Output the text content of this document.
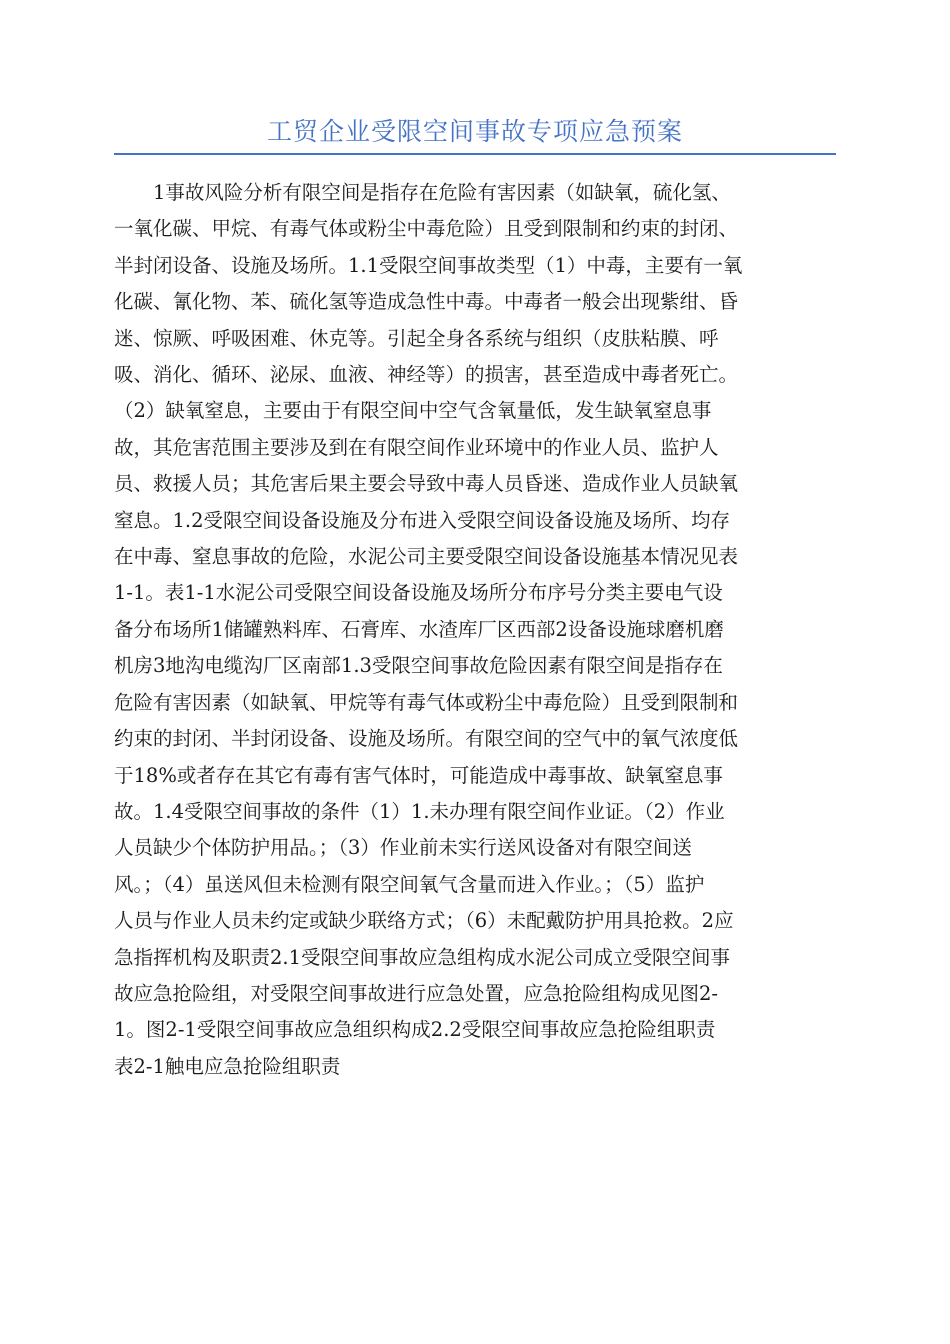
工贸企业受限空间事故专项应急预案
　　1事故风险分析有限空间是指存在危险有害因素（如缺氧，硫化氢、
一氧化碳、甲烷、有毒气体或粉尘中毒危险）且受到限制和约束的封闭、
半封闭设备、设施及场所。1.1受限空间事故类型（1）中毒，主要有一氧
化碳、氰化物、苯、硫化氢等造成急性中毒。中毒者一般会出现紫绀、昏
迷、惊厥、呼吸困难、休克等。引起全身各系统与组织（皮肤粘膜、呼
吸、消化、循环、泌尿、血液、神经等）的损害，甚至造成中毒者死亡。
（2）缺氧窒息，主要由于有限空间中空气含氧量低，发生缺氧窒息事
故，其危害范围主要涉及到在有限空间作业环境中的作业人员、监护人
员、救援人员；其危害后果主要会导致中毒人员昏迷、造成作业人员缺氧
窒息。1.2受限空间设备设施及分布进入受限空间设备设施及场所、均存
在中毒、窒息事故的危险，水泥公司主要受限空间设备设施基本情况见表
1-1。表1-1水泥公司受限空间设备设施及场所分布序号分类主要电气设
备分布场所1储罐熟料库、石膏库、水渣库厂区西部2设备设施球磨机磨
机房3地沟电缆沟厂区南部1.3受限空间事故危险因素有限空间是指存在
危险有害因素（如缺氧、甲烷等有毒气体或粉尘中毒危险）且受到限制和
约束的封闭、半封闭设备、设施及场所。有限空间的空气中的氧气浓度低
于18%或者存在其它有毒有害气体时，可能造成中毒事故、缺氧窒息事
故。1.4受限空间事故的条件（1）1.未办理有限空间作业证。（2）作业
人员缺少个体防护用品。；（3）作业前未实行送风设备对有限空间送
风。；（4）虽送风但未检测有限空间氧气含量而进入作业。；（5）监护
人员与作业人员未约定或缺少联络方式；（6）未配戴防护用具抢救。2应
急指挥机构及职责2.1受限空间事故应急组构成水泥公司成立受限空间事
故应急抢险组，对受限空间事故进行应急处置，应急抢险组构成见图2-
1。图2-1受限空间事故应急组织构成2.2受限空间事故应急抢险组职责
表2-1触电应急抢险组职责
